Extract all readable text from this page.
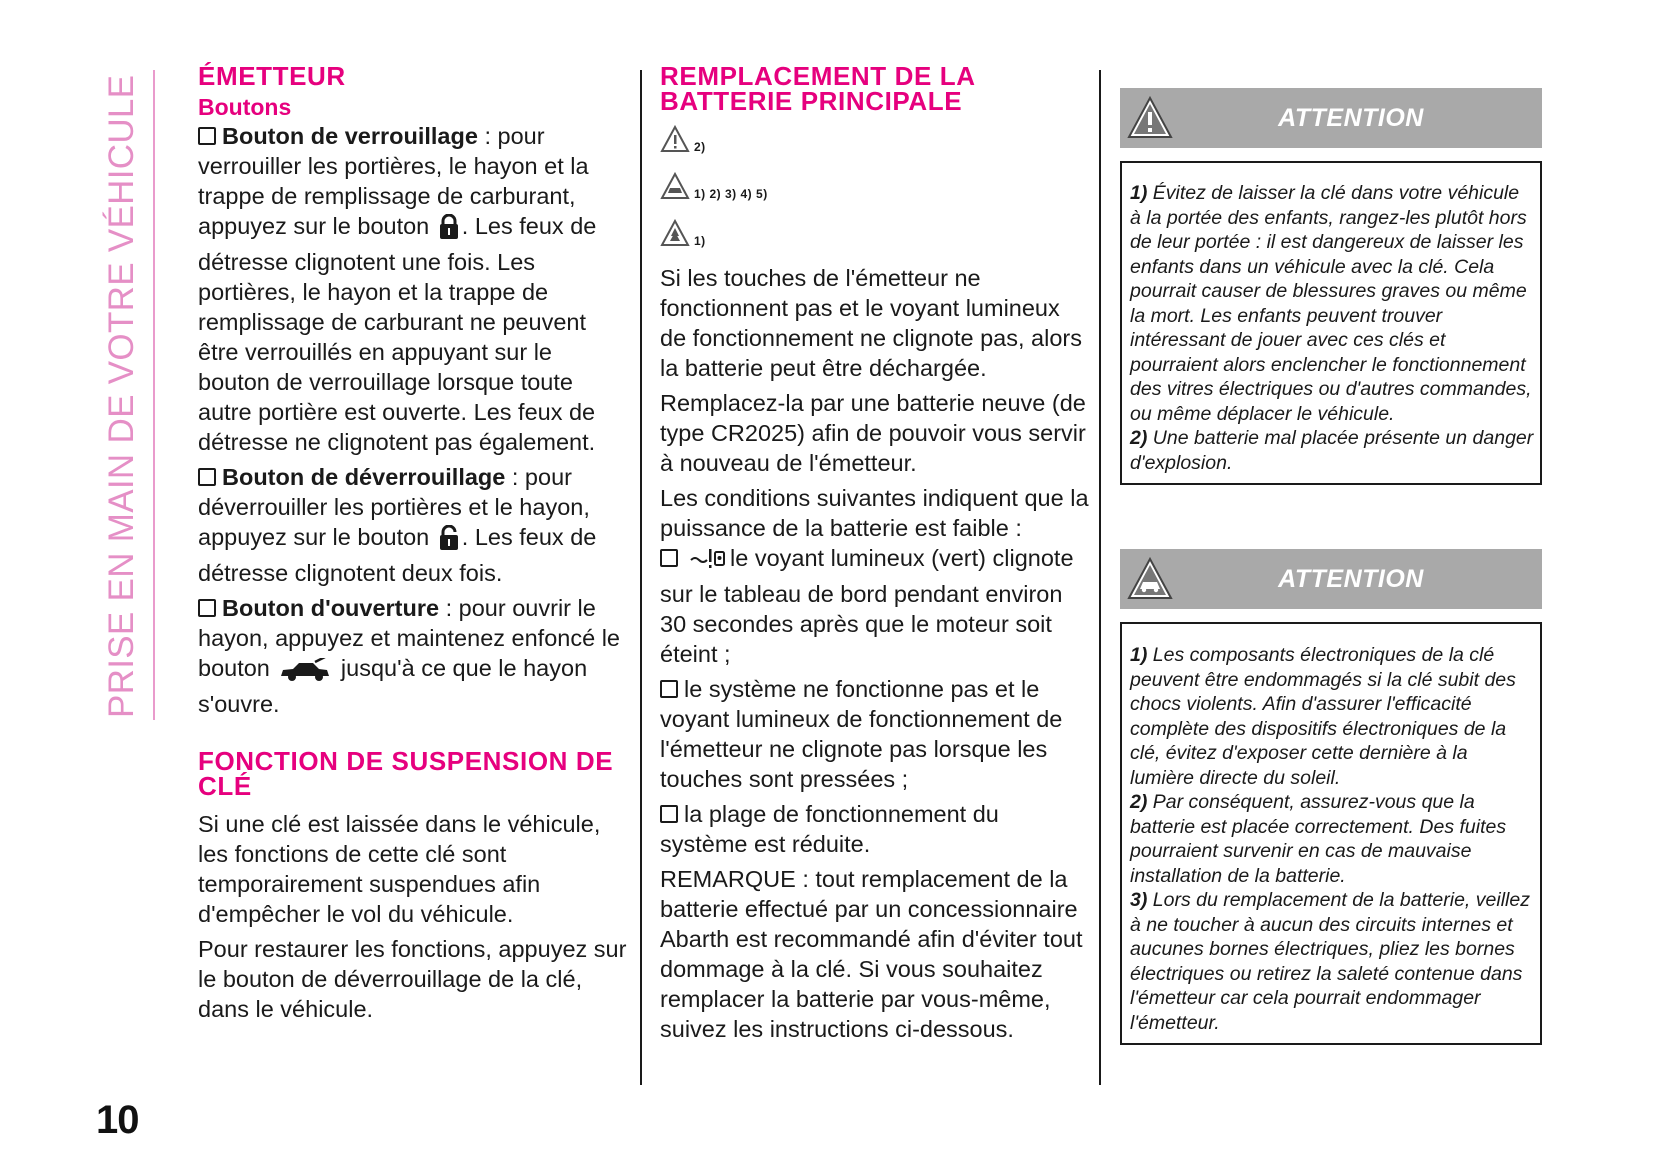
PRISE EN MAIN DE VOTRE VÉHICULE
10
ÉMETTEUR
Boutons

Bouton de verrouillage : pour verrouiller les portières, le hayon et la trappe de remplissage de carburant, appuyez sur le bouton . Les feux de détresse clignotent une fois. Les portières, le hayon et la trappe de remplissage de carburant ne peuvent être verrouillés en appuyant sur le bouton de verrouillage lorsque toute autre portière est ouverte. Les feux de détresse ne clignotent pas également.

Bouton de déverrouillage : pour déverrouiller les portières et le hayon, appuyez sur le bouton . Les feux de détresse clignotent deux fois.

Bouton d'ouverture : pour ouvrir le hayon, appuyez et maintenez enfoncé le bouton  jusqu'à ce que le hayon s'ouvre.

FONCTION DE SUSPENSION DE CLÉ

Si une clé est laissée dans le véhicule, les fonctions de cette clé sont temporairement suspendues afin d'empêcher le vol du véhicule.

Pour restaurer les fonctions, appuyez sur le bouton de déverrouillage de la clé, dans le véhicule.

REMPLACEMENT DE LA BATTERIE PRINCIPALE
2)
1) 2) 3) 4) 5)
1)

Si les touches de l'émetteur ne fonctionnent pas et le voyant lumineux de fonctionnement ne clignote pas, alors la batterie peut être déchargée.

Remplacez-la par une batterie neuve (de type CR2025) afin de pouvoir vous servir à nouveau de l'émetteur.

Les conditions suivantes indiquent que la puissance de la batterie est faible :

le voyant lumineux (vert) clignote sur le tableau de bord pendant environ 30 secondes après que le moteur soit éteint ;

le système ne fonctionne pas et le voyant lumineux de fonctionnement de l'émetteur ne clignote pas lorsque les touches sont pressées ;

la plage de fonctionnement du système est réduite.

REMARQUE : tout remplacement de la batterie effectué par un concessionnaire Abarth est recommandé afin d'éviter tout dommage à la clé. Si vous souhaitez remplacer la batterie par vous-même, suivez les instructions ci-dessous.

ATTENTION

1) Évitez de laisser la clé dans votre véhicule à la portée des enfants, rangez-les plutôt hors de leur portée : il est dangereux de laisser les enfants dans un véhicule avec la clé. Cela pourrait causer de blessures graves ou même la mort. Les enfants peuvent trouver intéressant de jouer avec ces clés et pourraient alors enclencher le fonctionnement des vitres électriques ou d'autres commandes, ou même déplacer le véhicule.

2) Une batterie mal placée présente un danger d'explosion.

ATTENTION

1) Les composants électroniques de la clé peuvent être endommagés si la clé subit des chocs violents. Afin d'assurer l'efficacité complète des dispositifs électroniques de la clé, évitez d'exposer cette dernière à la lumière directe du soleil.

2) Par conséquent, assurez-vous que la batterie est placée correctement. Des fuites pourraient survenir en cas de mauvaise installation de la batterie.

3) Lors du remplacement de la batterie, veillez à ne toucher à aucun des circuits internes et aucunes bornes électriques, pliez les bornes électriques ou retirez la saleté contenue dans l'émetteur car cela pourrait endommager l'émetteur.
